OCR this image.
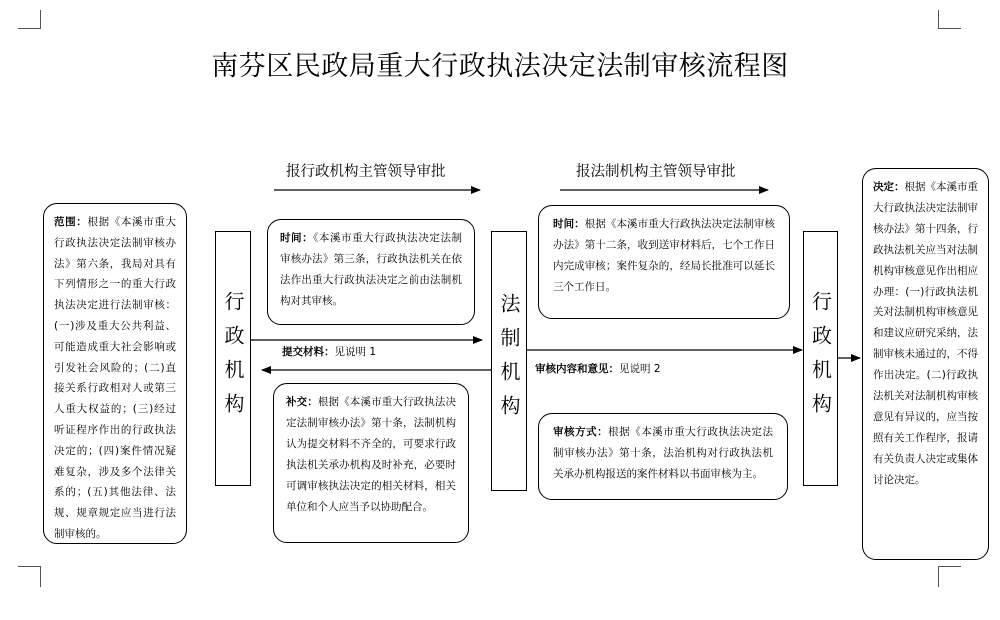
南芬区民政局重大行政执法决定法制审核流程图
报行政机构主管领导审批	报法制机构主管领导审批
范围：根据《本溪市重大行政执法决定法制审核办法》第六条，我局对具有下列情形之一的重大行政执法决定进行法制审核：(一)涉及重大公共利益、可能造成重大社会影响或引发社会风险的；(二)直接关系行政相对人或第三人重大权益的；(三)经过听证程序作出的行政执法决定的；(四)案件情况疑难复杂，涉及多个法律关系的；(五)其他法律、法规、规章规定应当进行法制审核的。
行政机构
时间：《本溪市重大行政执法决定法制审核办法》第三条，行政执法机关在依法作出重大行政执法决定之前由法制机构对其审核。
提交材料：见说明 1
补交：根据《本溪市重大行政执法决定法制审核办法》第十条，法制机构认为提交材料不齐全的，可要求行政执法机关承办机构及时补充，必要时可调审核执法决定的相关材料，相关单位和个人应当予以协助配合。
法制机构
时间：根据《本溪市重大行政执法决定法制审核办法》第十二条，收到送审材料后，七个工作日内完成审核；案件复杂的，经局长批准可以延长三个工作日。
审核内容和意见：见说明 2
审核方式：根据《本溪市重大行政执法决定法制审核办法》第十条，法治机构对行政执法机关承办机构报送的案件材料以书面审核为主。
行政机构
决定：根据《本溪市重大行政执法决定法制审核办法》第十四条，行政执法机关应当对法制机构审核意见作出相应办理：(一)行政执法机关对法制机构审核意见和建议应研究采纳，法制审核未通过的，不得作出决定。(二)行政执法机关对法制机构审核意见有异议的，应当按照有关工作程序，报请有关负责人决定或集体讨论决定。
